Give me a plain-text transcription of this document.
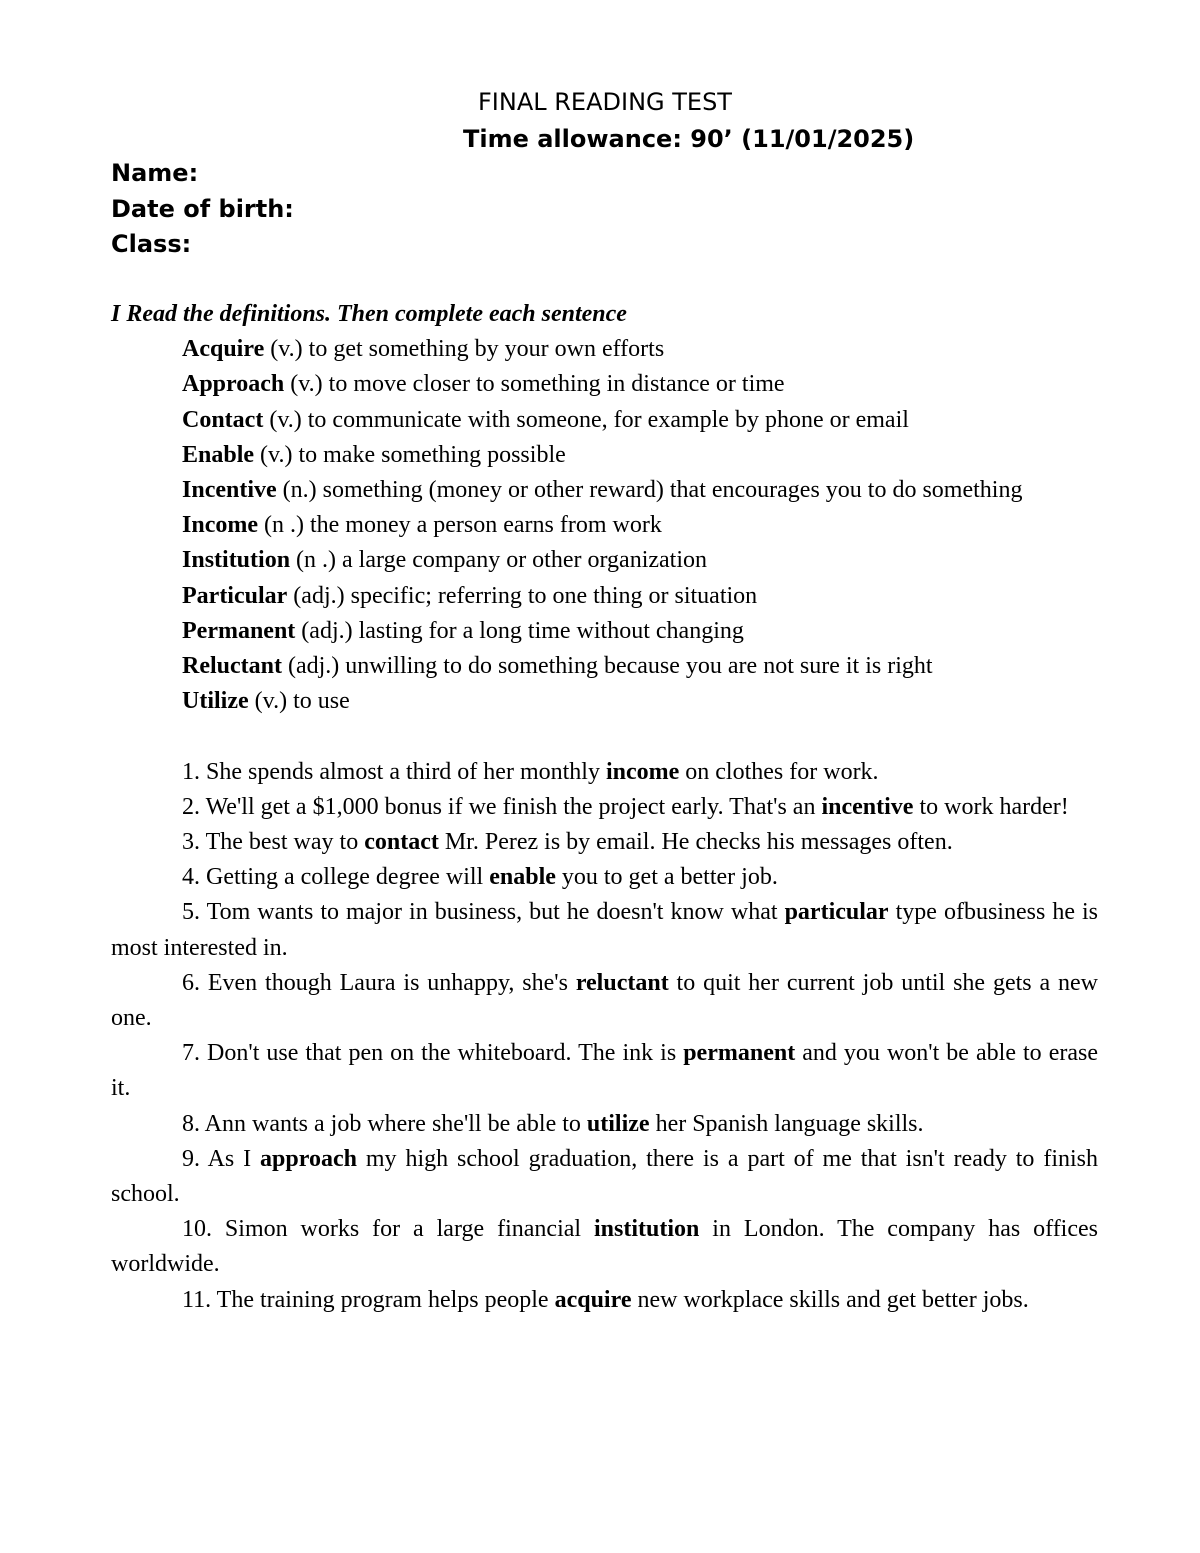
FINAL READING TEST
Time allowance: 90’ (11/01/2025)
Name:
Date of birth:
Class:
I Read the definitions. Then complete each sentence

Acquire (v.) to get something by your own efforts

Approach (v.) to move closer to something in distance or time

Contact (v.) to communicate with someone, for example by phone or email

Enable (v.) to make something possible

Incentive (n.) something (money or other reward) that encourages you to do something

Income (n .) the money a person earns from work

Institution (n .) a large company or other organization

Particular (adj.) specific; referring to one thing or situation

Permanent (adj.) lasting for a long time without changing

Reluctant (adj.) unwilling to do something because you are not sure it is right

Utilize (v.) to use

1. She spends almost a third of her monthly income on clothes for work.

2. We'll get a $1,000 bonus if we finish the project early. That's an incentive to work harder!

3. The best way to contact Mr. Perez is by email. He checks his messages often.

4. Getting a college degree will enable you to get a better job.

5. Tom wants to major in business, but he doesn't know what particular type ofbusiness he is most interested in.

6. Even though Laura is unhappy, she's reluctant to quit her current job until she gets a new one.

7. Don't use that pen on the whiteboard. The ink is permanent and you won't be able to erase it.

8. Ann wants a job where she'll be able to utilize her Spanish language skills.

9. As I approach my high school graduation, there is a part of me that isn't ready to finish school.

10. Simon works for a large financial institution in London. The company has offices worldwide.

11. The training program helps people acquire new workplace skills and get better jobs.
